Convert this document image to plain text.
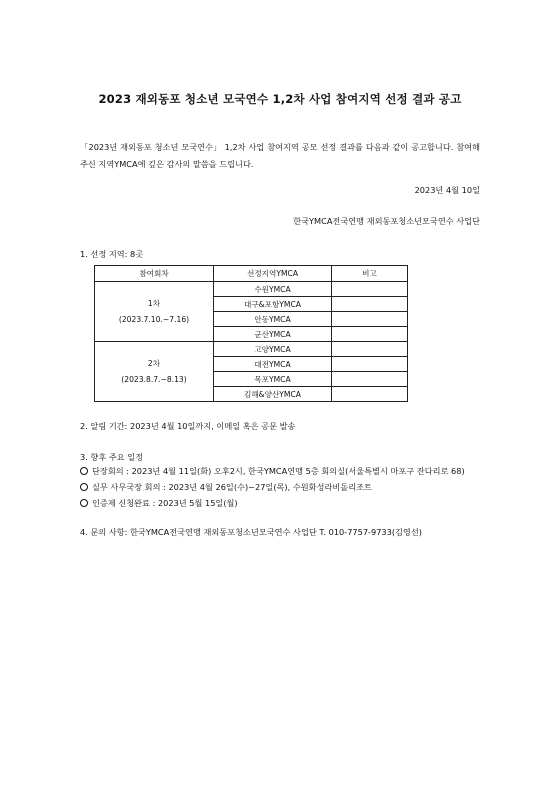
2023 재외동포 청소년 모국연수 1,2차 사업 참여지역 선정 결과 공고
「2023년 재외동포 청소년 모국연수」 1,2차 사업 참여지역 공모 선정 결과를 다음과 같이 공고합니다. 참여해주신 지역YMCA에 깊은 감사의 말씀을 드립니다.
2023년 4월 10일
한국YMCA전국연맹 재외동포청소년모국연수 사업단
1. 선정 지역: 8곳
참여회차	선정지역YMCA	비고

1차
(2023.7.10.~7.16)	수원YMCA	
	대구&포항YMCA	
	안동YMCA	
	군산YMCA	

2차
(2023.8.7.~8.13)	고양YMCA	
	대전YMCA	
	목포YMCA	
	김해&양산YMCA	
2. 알림 기간: 2023년 4월 10일까지, 이메일 혹은 공문 발송
3. 향후 주요 일정
단장회의 : 2023년 4월 11일(화) 오후2시, 한국YMCA연맹 5층 회의실(서울특별시 마포구 잔다리로 68)
실무 사무국장 회의 : 2023년 4월 26일(수)~27일(목), 수원화성라비돌리조트
인증제 신청완료 : 2023년 5월 15일(월)
4. 문의 사항: 한국YMCA전국연맹 재외동포청소년모국연수 사업단 T. 010-7757-9733(김영선)
